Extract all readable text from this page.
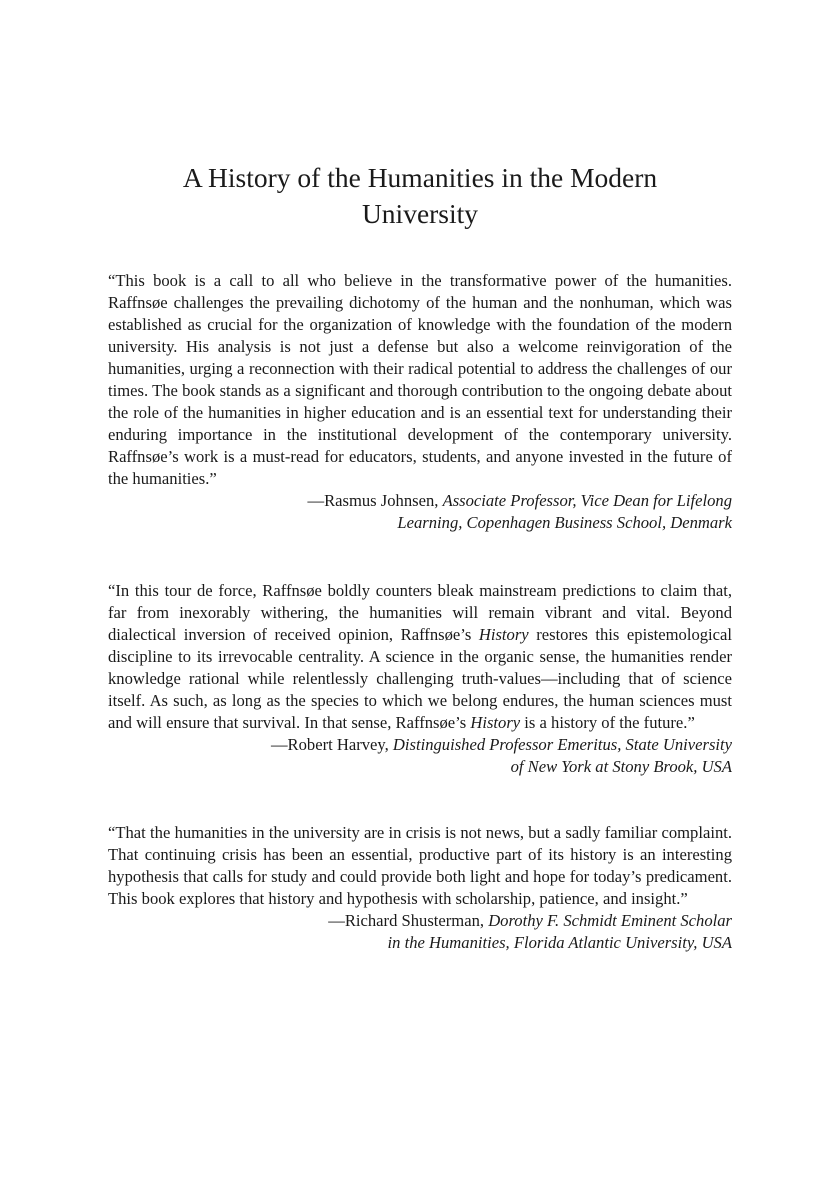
A History of the Humanities in the Modern
University

“This book is a call to all who believe in the transformative power of the humanities. Raffnsøe challenges the prevailing dichotomy of the human and the nonhuman, which was established as crucial for the organization of knowledge with the foundation of the modern university. His analysis is not just a defense but also a welcome reinvigoration of the humanities, urging a reconnection with their radical potential to address the challenges of our times. The book stands as a significant and thorough contribution to the ongoing debate about the role of the humanities in higher education and is an essential text for understanding their enduring importance in the institutional development of the contemporary university. Raffnsøe’s work is a must-read for educators, students, and anyone invested in the future of the humanities.”

—Rasmus Johnsen, Associate Professor, Vice Dean for Lifelong
Learning, Copenhagen Business School, Denmark

“In this tour de force, Raffnsøe boldly counters bleak mainstream predictions to claim that, far from inexorably withering, the humanities will remain vibrant and vital. Beyond dialectical inversion of received opinion, Raffnsøe’s History restores this epistemological discipline to its irrevocable centrality. A science in the organic sense, the humanities render knowledge rational while relentlessly challenging truth-values—including that of science itself. As such, as long as the species to which we belong endures, the human sciences must and will ensure that survival. In that sense, Raffnsøe’s History is a history of the future.”

—Robert Harvey, Distinguished Professor Emeritus, State University
of New York at Stony Brook, USA

“That the humanities in the university are in crisis is not news, but a sadly familiar complaint. That continuing crisis has been an essential, productive part of its history is an interesting hypothesis that calls for study and could provide both light and hope for today’s predicament. This book explores that history and hypothesis with scholarship, patience, and insight.”

—Richard Shusterman, Dorothy F. Schmidt Eminent Scholar
in the Humanities, Florida Atlantic University, USA
